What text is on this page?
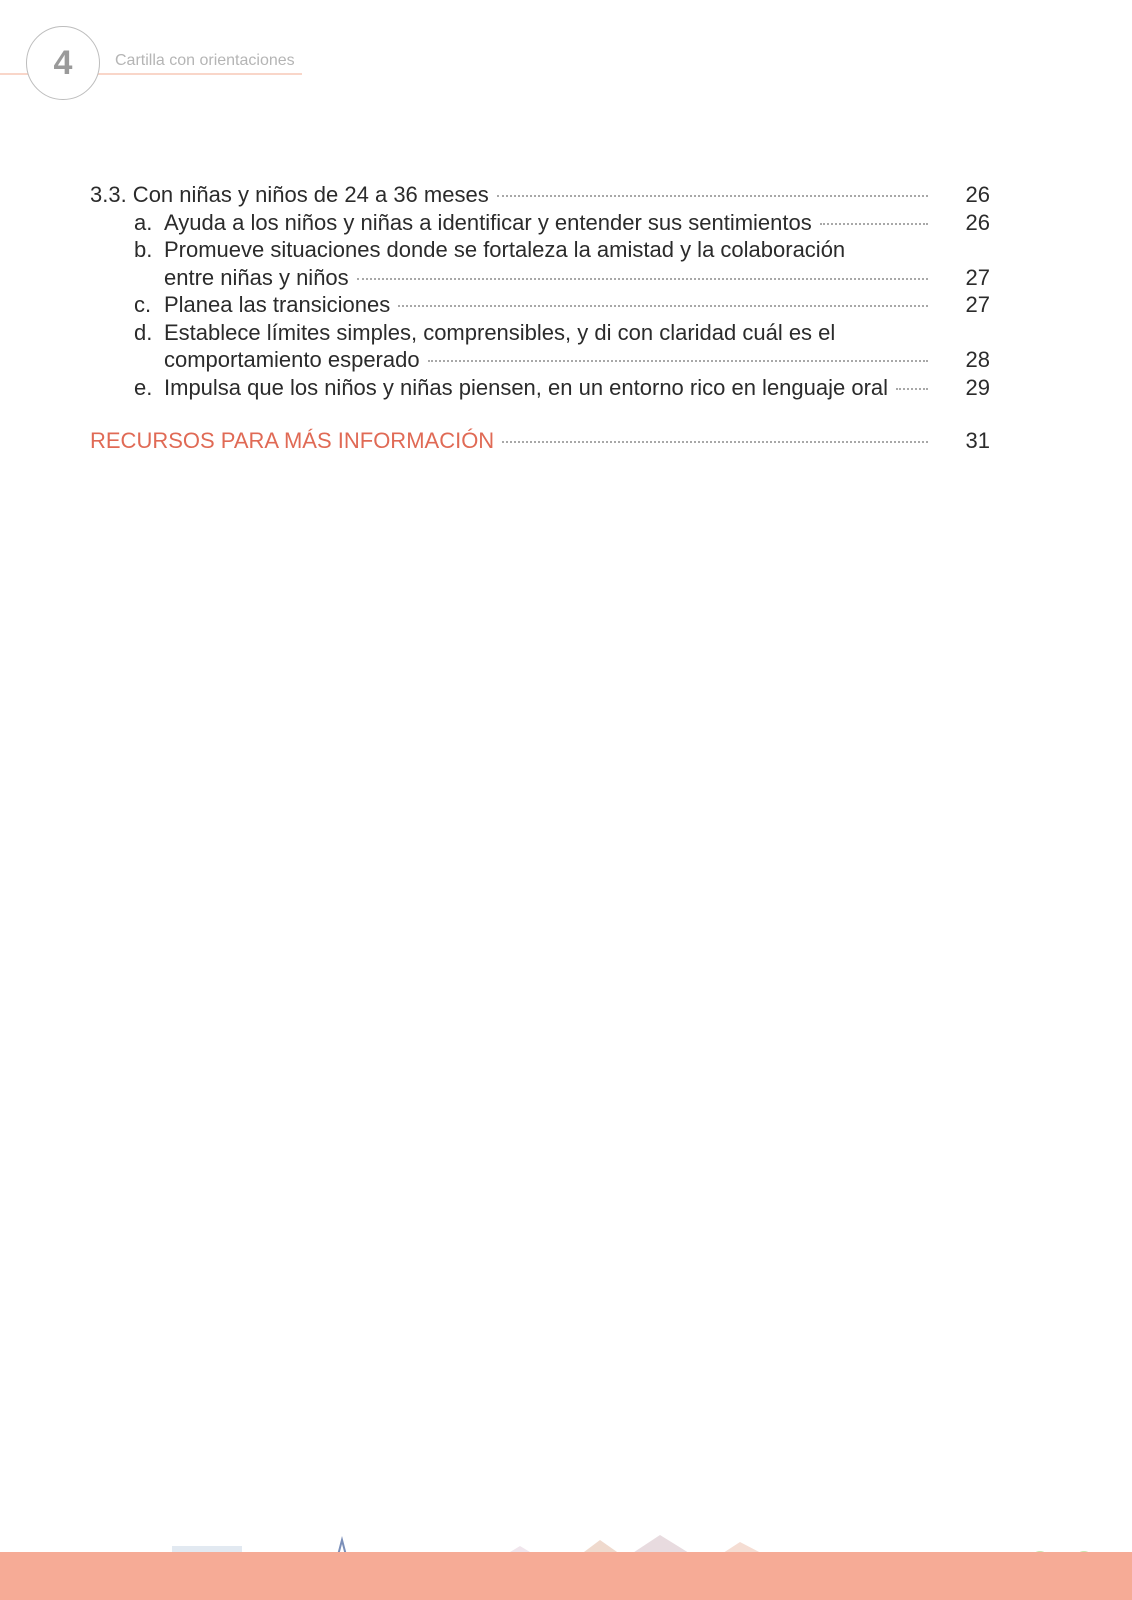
4	Cartilla con orientaciones
3.3. Con niñas y niños de 24 a 36 meses	26
a. Ayuda a los niños y niñas a identificar y entender sus sentimientos	26
b. Promueve situaciones donde se fortaleza la amistad y la colaboración
entre niñas y niños	27
c. Planea las transiciones	27
d. Establece límites simples, comprensibles, y di con claridad cuál es el
comportamiento esperado	28
e. Impulsa que los niños y niñas piensen, en un entorno rico en lenguaje oral	29
RECURSOS PARA MÁS INFORMACIÓN	31
